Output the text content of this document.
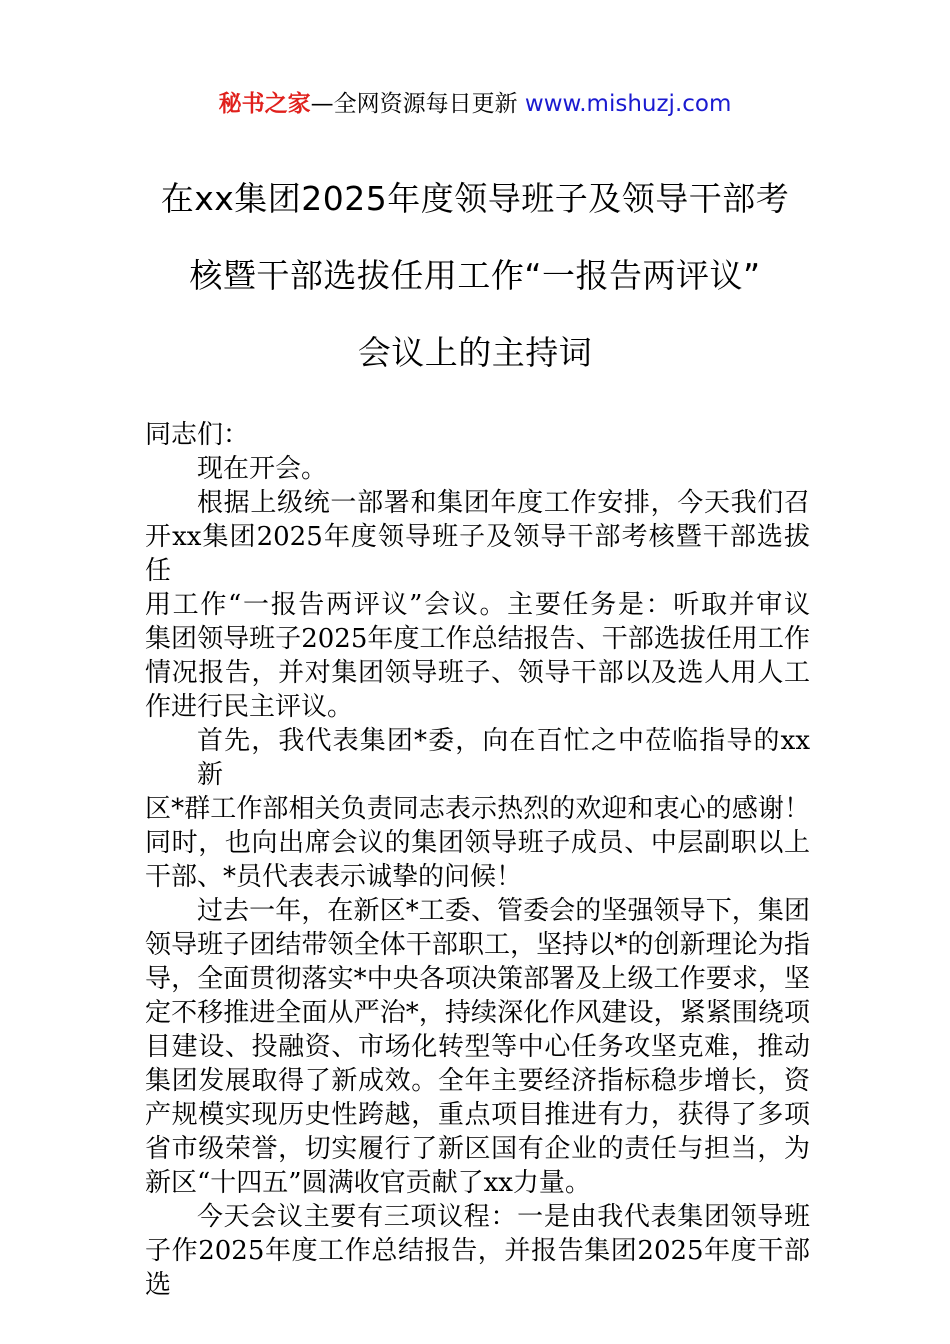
秘书之家—全网资源每日更新 www.mishuzj.com
在xx集团2025年度领导班子及领导干部考
核暨干部选拔任用工作“一报告两评议”
会议上的主持词
同志们：
现在开会。
根据上级统一部署和集团年度工作安排，今天我们召
开xx集团2025年度领导班子及领导干部考核暨干部选拔任
用工作“一报告两评议”会议。主要任务是：听取并审议
集团领导班子2025年度工作总结报告、干部选拔任用工作
情况报告，并对集团领导班子、领导干部以及选人用人工
作进行民主评议。
首先，我代表集团*委，向在百忙之中莅临指导的xx新
区*群工作部相关负责同志表示热烈的欢迎和衷心的感谢！
同时，也向出席会议的集团领导班子成员、中层副职以上
干部、*员代表表示诚挚的问候！
过去一年，在新区*工委、管委会的坚强领导下，集团
领导班子团结带领全体干部职工，坚持以*的创新理论为指
导，全面贯彻落实*中央各项决策部署及上级工作要求，坚
定不移推进全面从严治*，持续深化作风建设，紧紧围绕项
目建设、投融资、市场化转型等中心任务攻坚克难，推动
集团发展取得了新成效。全年主要经济指标稳步增长，资
产规模实现历史性跨越，重点项目推进有力，获得了多项
省市级荣誉，切实履行了新区国有企业的责任与担当，为
新区“十四五”圆满收官贡献了xx力量。
今天会议主要有三项议程：一是由我代表集团领导班
子作2025年度工作总结报告，并报告集团2025年度干部选
